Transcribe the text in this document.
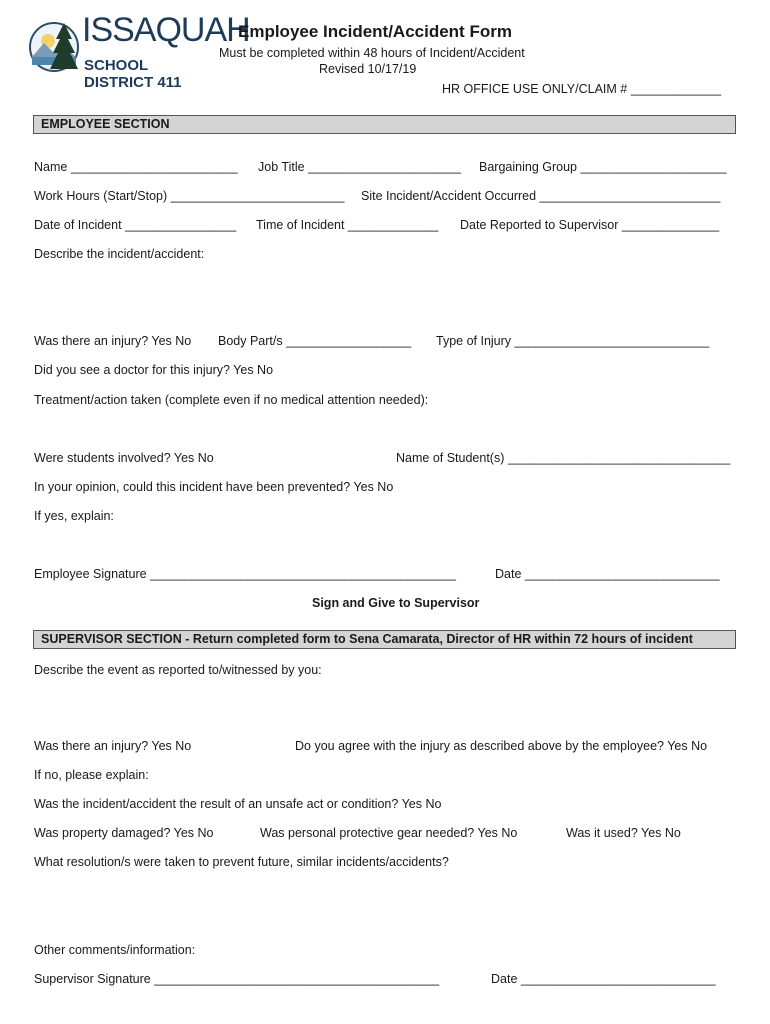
ISSAQUAH
SCHOOL DISTRICT 411
Employee Incident/Accident Form
Must be completed within 48 hours of Incident/Accident
Revised 10/17/19
HR OFFICE USE ONLY/CLAIM # _____________
EMPLOYEE SECTION
Name ________________________ Job Title ______________________ Bargaining Group _____________________
Work Hours (Start/Stop) _________________________ Site Incident/Accident Occurred __________________________
Date of Incident ________________ Time of Incident _____________ Date Reported to Supervisor ______________
Describe the incident/accident:
Was there an injury? Yes No Body Part/s __________________ Type of Injury ____________________________
Did you see a doctor for this injury? Yes No
Treatment/action taken (complete even if no medical attention needed):
Were students involved? Yes No	Name of Student(s) ________________________________
In your opinion, could this incident have been prevented? Yes No
If yes, explain:
Employee Signature ____________________________________________	Date ____________________________
Sign and Give to Supervisor
SUPERVISOR SECTION - Return completed form to Sena Camarata, Director of HR within 72 hours of incident
Describe the event as reported to/witnessed by you:
Was there an injury? Yes No	Do you agree with the injury as described above by the employee? Yes No
If no, please explain:
Was the incident/accident the result of an unsafe act or condition? Yes No
Was property damaged? Yes No	Was personal protective gear needed? Yes No	Was it used? Yes No
What resolution/s were taken to prevent future, similar incidents/accidents?
Other comments/information:
Supervisor Signature _________________________________________	Date ____________________________
